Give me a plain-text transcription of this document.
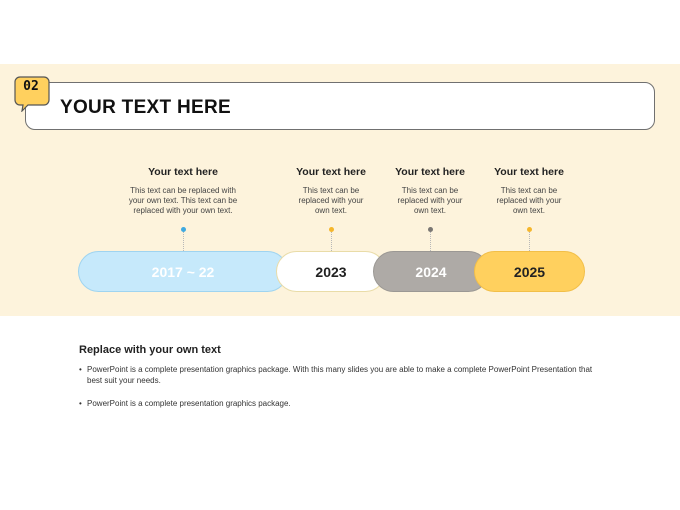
YOUR TEXT HERE
02
Your text here
This text can be replaced with
your own text. This text can be
replaced with your own text.
Your text here
This text can be
replaced with your
own text.
Your text here
This text can be
replaced with your
own text.
Your text here
This text can be
replaced with your
own text.
2017 ~ 22	2023	2024	2025
Replace with your own text
• PowerPoint is a complete presentation graphics package. With this many slides you are able to make a complete PowerPoint Presentation that
best suit your needs.
• PowerPoint is a complete presentation graphics package.
